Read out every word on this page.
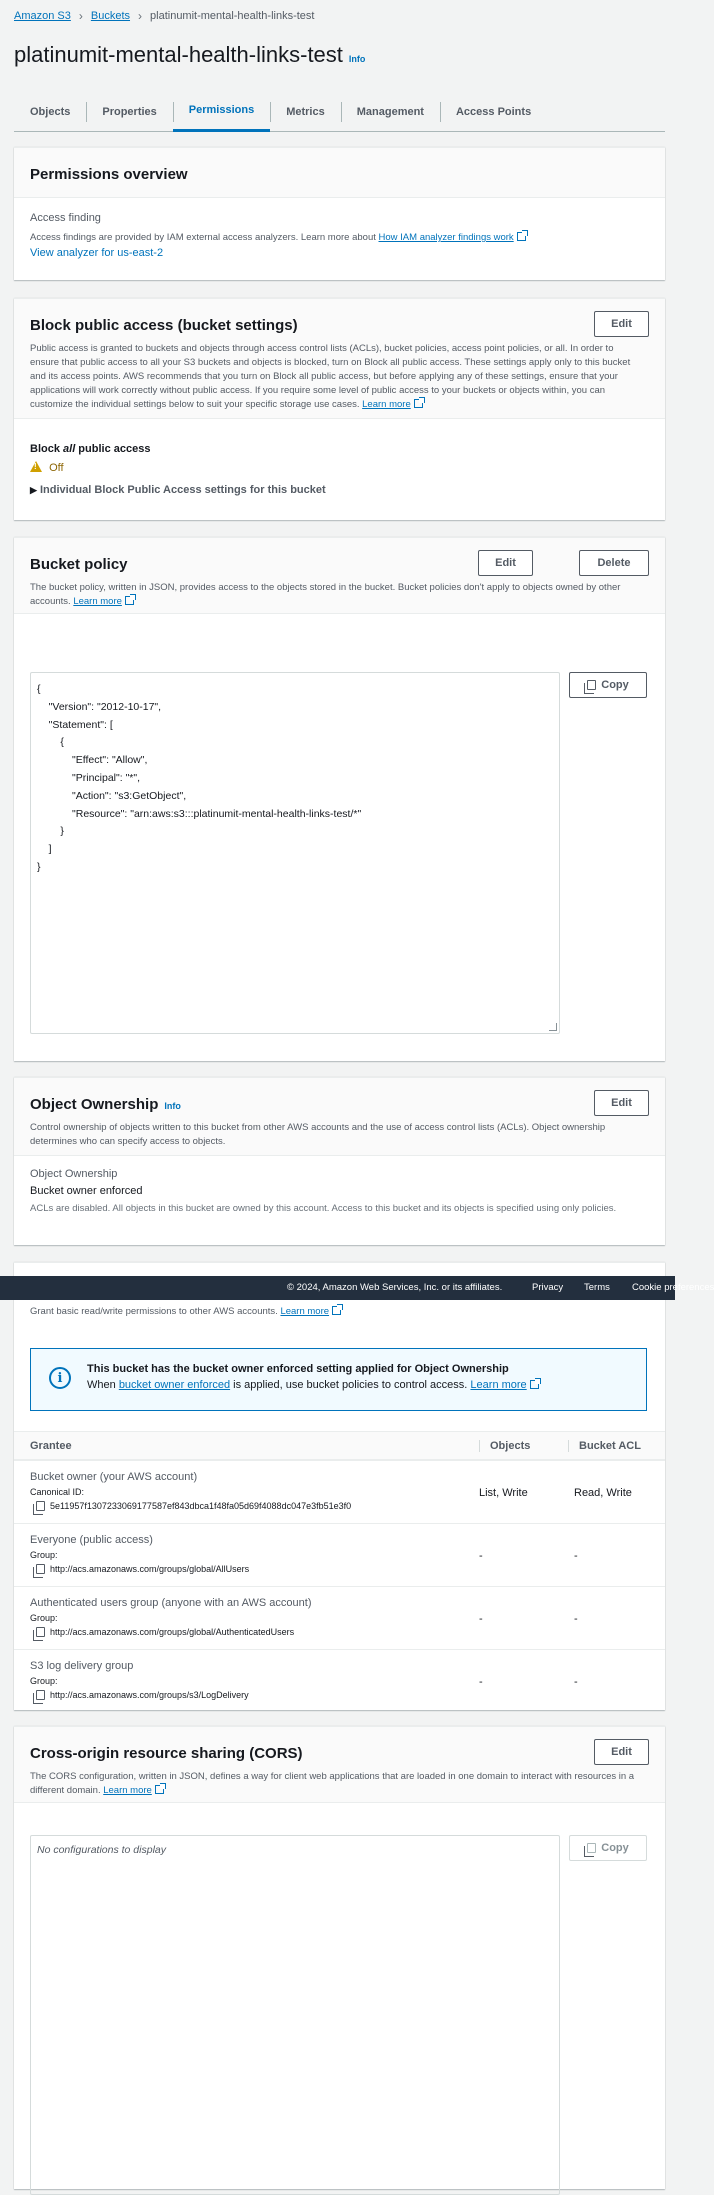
Amazon S3 › Buckets › platinumit-mental-health-links-test
platinumit-mental-health-links-test Info
Objects	Properties	Permissions	Metrics	Management	Access Points
Permissions overview
Access finding
Access findings are provided by IAM external access analyzers. Learn more about How IAM analyzer findings work
View analyzer for us-east-2
Block public access (bucket settings)	Edit
Public access is granted to buckets and objects through access control lists (ACLs), bucket policies, access point policies, or all. In order to ensure that public access to all your S3 buckets and objects is blocked, turn on Block all public access. These settings apply only to this bucket and its access points. AWS recommends that you turn on Block all public access, but before applying any of these settings, ensure that your applications will work correctly without public access. If you require some level of public access to your buckets or objects within, you can customize the individual settings below to suit your specific storage use cases. Learn more
Block all public access
! Off
▶ Individual Block Public Access settings for this bucket
Bucket policy	Edit	Delete
The bucket policy, written in JSON, provides access to the objects stored in the bucket. Bucket policies don't apply to objects owned by other accounts. Learn more
{
"Version": "2012-10-17",
"Statement": [
{
"Effect": "Allow",
"Principal": "*",
"Action": "s3:GetObject",
"Resource": "arn:aws:s3:::platinumit-mental-health-links-test/*"
}
]
}
Copy
Object Ownership Info	Edit
Control ownership of objects written to this bucket from other AWS accounts and the use of access control lists (ACLs). Object ownership determines who can specify access to objects.
Object Ownership
Bucket owner enforced
ACLs are disabled. All objects in this bucket are owned by this account. Access to this bucket and its objects is specified using only policies.
Grant basic read/write permissions to other AWS accounts. Learn more
i
This bucket has the bucket owner enforced setting applied for Object Ownership
When bucket owner enforced is applied, use bucket policies to control access. Learn more
Grantee	Objects	Bucket ACL
Bucket owner (your AWS account)
Canonical ID:
5e11957f1307233069177587ef843dbca1f48fa05d69f4088dc047e3fb51e3f0
List, Write	Read, Write
Everyone (public access)
Group:
http://acs.amazonaws.com/groups/global/AllUsers
-	-
Authenticated users group (anyone with an AWS account)
Group:
http://acs.amazonaws.com/groups/global/AuthenticatedUsers
-	-
S3 log delivery group
Group:
http://acs.amazonaws.com/groups/s3/LogDelivery
-	-
© 2024, Amazon Web Services, Inc. or its affiliates.	Privacy Terms Cookie preferences
Cross-origin resource sharing (CORS)	Edit
The CORS configuration, written in JSON, defines a way for client web applications that are loaded in one domain to interact with resources in a different domain. Learn more
No configurations to display	Copy
